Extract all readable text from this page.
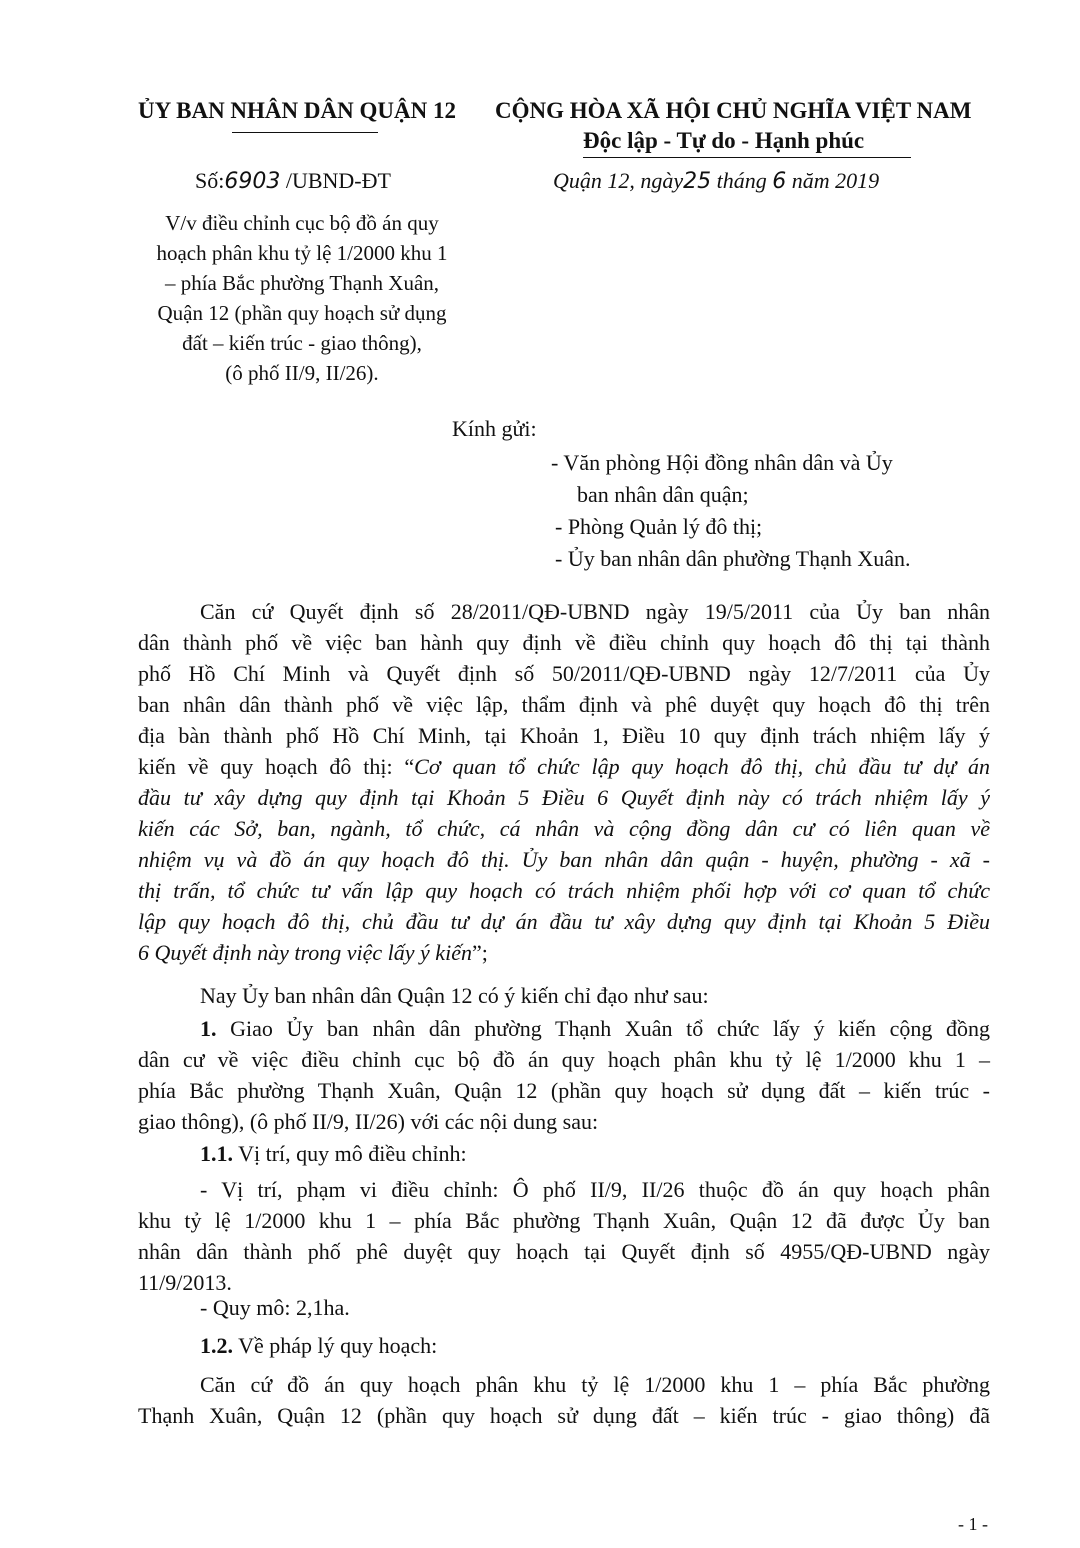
ỦY BAN NHÂN DÂN QUẬN 12 CỘNG HÒA XÃ HỘI CHỦ NGHĨA VIỆT NAM
Độc lập - Tự do - Hạnh phúc
Số:6903 /UBND-ĐT	Quận 12, ngày25 tháng 6 năm 2019
V/v điều chỉnh cục bộ đồ án quy
hoạch phân khu tỷ lệ 1/2000 khu 1
– phía Bắc phường Thạnh Xuân,
Quận 12 (phần quy hoạch sử dụng
đất – kiến trúc - giao thông),
(ô phố II/9, II/26).
Kính gửi:
- Văn phòng Hội đồng nhân dân và Ủy
ban nhân dân quận;
- Phòng Quản lý đô thị;
- Ủy ban nhân dân phường Thạnh Xuân.
Căn cứ Quyết định số 28/2011/QĐ-UBND ngày 19/5/2011 của Ủy ban nhân
dân thành phố về việc ban hành quy định về điều chỉnh quy hoạch đô thị tại thành
phố Hồ Chí Minh và Quyết định số 50/2011/QĐ-UBND ngày 12/7/2011 của Ủy
ban nhân dân thành phố về việc lập, thẩm định và phê duyệt quy hoạch đô thị trên
địa bàn thành phố Hồ Chí Minh, tại Khoản 1, Điều 10 quy định trách nhiệm lấy ý
kiến về quy hoạch đô thị: “Cơ quan tổ chức lập quy hoạch đô thị, chủ đầu tư dự án
đầu tư xây dựng quy định tại Khoản 5 Điều 6 Quyết định này có trách nhiệm lấy ý
kiến các Sở, ban, ngành, tổ chức, cá nhân và cộng đồng dân cư có liên quan về
nhiệm vụ và đồ án quy hoạch đô thị. Ủy ban nhân dân quận - huyện, phường - xã -
thị trấn, tổ chức tư vấn lập quy hoạch có trách nhiệm phối hợp với cơ quan tổ chức
lập quy hoạch đô thị, chủ đầu tư dự án đầu tư xây dựng quy định tại Khoản 5 Điều
6 Quyết định này trong việc lấy ý kiến”;
Nay Ủy ban nhân dân Quận 12 có ý kiến chỉ đạo như sau:
1. Giao Ủy ban nhân dân phường Thạnh Xuân tổ chức lấy ý kiến cộng đồng
dân cư về việc điều chỉnh cục bộ đồ án quy hoạch phân khu tỷ lệ 1/2000 khu 1 –
phía Bắc phường Thạnh Xuân, Quận 12 (phần quy hoạch sử dụng đất – kiến trúc -
giao thông), (ô phố II/9, II/26) với các nội dung sau:
1.1. Vị trí, quy mô điều chỉnh:
- Vị trí, phạm vi điều chỉnh: Ô phố II/9, II/26 thuộc đồ án quy hoạch phân
khu tỷ lệ 1/2000 khu 1 – phía Bắc phường Thạnh Xuân, Quận 12 đã được Ủy ban
nhân dân thành phố phê duyệt quy hoạch tại Quyết định số 4955/QĐ-UBND ngày
11/9/2013.
- Quy mô: 2,1ha.
1.2. Về pháp lý quy hoạch:
Căn cứ đồ án quy hoạch phân khu tỷ lệ 1/2000 khu 1 – phía Bắc phường
Thạnh Xuân, Quận 12 (phần quy hoạch sử dụng đất – kiến trúc - giao thông) đã
- 1 -
